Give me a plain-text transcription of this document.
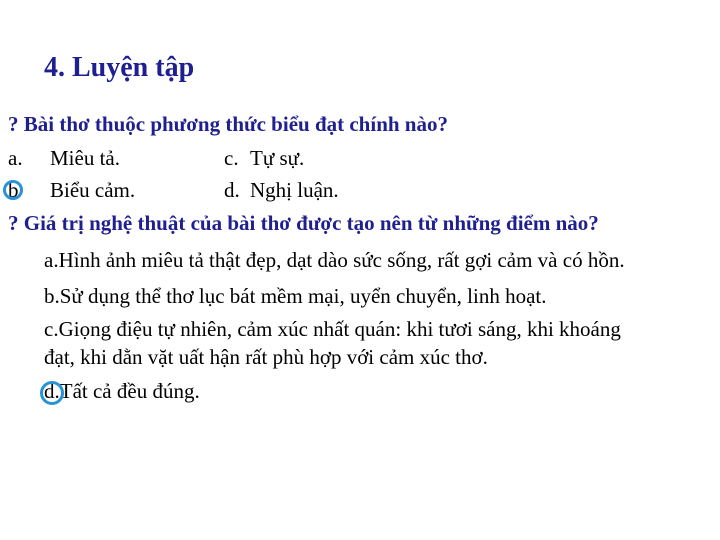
4. Luyện tập
? Bài thơ thuộc phương thức biểu đạt chính nào?
a. Miêu tả.	c. Tự sự.
b Biểu cảm.	d. Nghị luận.
? Giá trị nghệ thuật của bài thơ được tạo nên từ những điểm nào?
a.Hình ảnh miêu tả thật đẹp, dạt dào sức sống, rất gợi cảm và có hồn.
b.Sử dụng thể thơ lục bát mềm mại, uyển chuyển, linh hoạt.
c.Giọng điệu tự nhiên, cảm xúc nhất quán: khi tươi sáng, khi khoáng
đạt, khi dằn vặt uất hận rất phù hợp với cảm xúc thơ.
d.Tất cả đều đúng.
